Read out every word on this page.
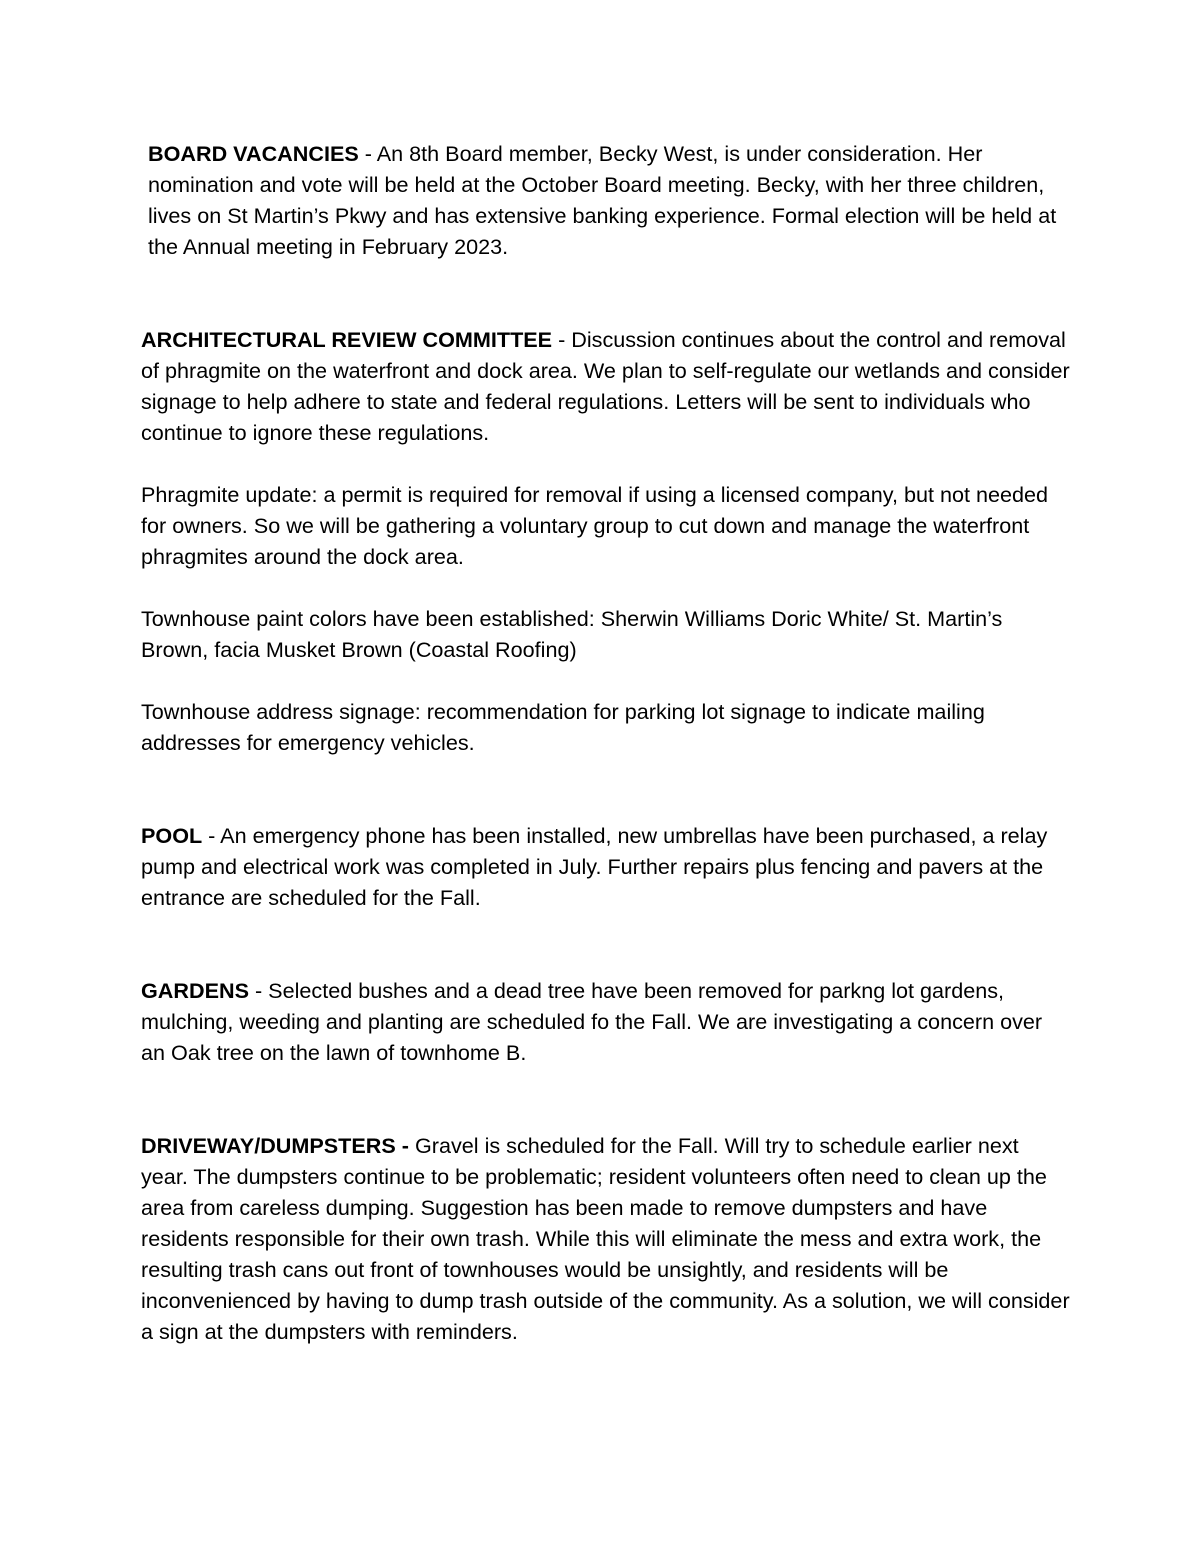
BOARD VACANCIES - An 8th Board member, Becky West, is under consideration. Her nomination and vote will be held at the October Board meeting. Becky, with her three children, lives on St Martin’s Pkwy and has extensive banking experience. Formal election will be held at the Annual meeting in February 2023.

ARCHITECTURAL REVIEW COMMITTEE - Discussion continues about the control and removal of phragmite on the waterfront and dock area. We plan to self-regulate our wetlands and consider signage to help adhere to state and federal regulations. Letters will be sent to individuals who continue to ignore these regulations.

Phragmite update: a permit is required for removal if using a licensed company, but not needed for owners. So we will be gathering a voluntary group to cut down and manage the waterfront phragmites around the dock area.

Townhouse paint colors have been established: Sherwin Williams Doric White/ St. Martin’s Brown, facia Musket Brown (Coastal Roofing)

Townhouse address signage: recommendation for parking lot signage to indicate mailing addresses for emergency vehicles.

POOL - An emergency phone has been installed, new umbrellas have been purchased, a relay pump and electrical work was completed in July. Further repairs plus fencing and pavers at the entrance are scheduled for the Fall.

GARDENS - Selected bushes and a dead tree have been removed for parkng lot gardens, mulching, weeding and planting are scheduled fo the Fall. We are investigating a concern over an Oak tree on the lawn of townhome B.

DRIVEWAY/DUMPSTERS - Gravel is scheduled for the Fall. Will try to schedule earlier next year. The dumpsters continue to be problematic; resident volunteers often need to clean up the area from careless dumping. Suggestion has been made to remove dumpsters and have residents responsible for their own trash. While this will eliminate the mess and extra work, the resulting trash cans out front of townhouses would be unsightly, and residents will be inconvenienced by having to dump trash outside of the community. As a solution, we will consider a sign at the dumpsters with reminders.
